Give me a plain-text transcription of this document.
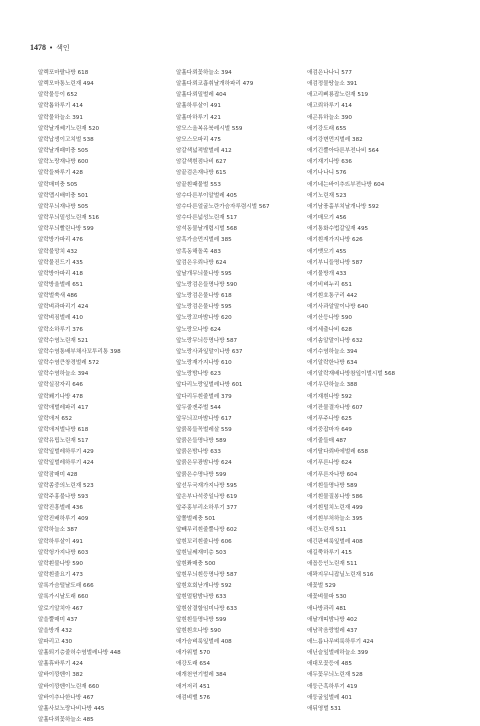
1478 • 색인
알렉포마랄나방 618
알렉모마통노린재 494
알락물등이 652
알락톱하루기 414
알락물하늘소 391
알락날개쎄기노린재 520
알락납생이고치벌 538
알락날개패미충 505
알락노랑재나방 600
알락들짜루기 428
알락매미충 505
알락맵시배미충 501
알락무늬재나방 505
알락무늬밑성노린재 516
알락무늬빨린나방 599
알락방가파리 476
알락불망치 432
알락물진드기 435
알락방아파리 418
알락방울벌레 651
알락벌쑥새 486
알락벼과파리기 424
알락벼짐벌레 410
알락소하루기 376
알락수염노린재 521
알락수염통배부채사꼬투리통 398
알락수염큰창경벌레 572
알락수염하늘소 394
알락실잠자리 646
알락쐐기나방 478
알락애벌레파리 417
알락애저 652
알락애저벌나방 618
알락유립노린재 517
알락잎벌레하루기 429
알락잎벌레하루기 424
알락잠매미 428
알락좀중의노린재 523
알락주홍불나방 593
알락진흥벌레 436
알락진배하루기 409
알락하늘소 387
알락하루살이 491
알락헝가지나방 603
알락횐불나방 590
알락흰줄요기 473
알록가슴털날도래 666
알록가시날도래 660
알로기알치아 467
알을뿔매미 437
알을방개 432
알파리고 430
알흘퇴기층줄허수염벌레나방 448
알흘휴바루기 424
알바이깡벤이 382
알바이깡벤이노린재 660
알바이추나한나방 467
알흘사보노랑나비나방 445
알흘다뢰꽃하늘소 485
알흘다뢰꽃하늘소 394
알흘다뢰코흡취날개하파리 479
알흘다뢰밀벌레 404
알흘하루살이 491
알흘마하루기 421
암모스올복유북레시벌 559
암모스모파리 475
암갈색넓적발벌레 412
암갈색흰점나비 627
암끝검은재나방 615
암끝흰때물벌 553
암수다른부이알벌레 405
암수다른얼굴노란가슴자루렴시벌 567
암수다른넓성노린재 517
암석동물날개렵시벌 568
암흑가슴먼지벌레 385
암흑동해돌족 483
앞검은우뢰나방 624
앞날개무늬물나방 595
앞노랑검은들명나방 590
앞노랑검은물나방 618
앞노랑검은물나방 595
앞노랑꼬마밤나방 620
앞노랑모나방 624
앞노랑무늬등명나방 587
앞노랑사과잎말이나방 637
앞노랑재가지나방 610
앞노랑밤나방 623
앞다리노랑잎벌레나방 601
앞다리두흰줄벌레 379
앞두줄겐주벌 544
앞무늬꼬마밤나방 617
앞붉폭들꼭벌레살 559
앞붉은들명나방 589
앞붉은밤나방 633
앞붉은무광밤나방 624
앞붉은수명나방 599
앞선두국재가지나방 595
앞은부나석중일나방 619
앞주홍부리소하루기 377
앞쫄벌레충 501
앞빼무리흰줄뿔나방 602
앞흰꼬리흰줄나방 606
앞흰닐쎄재미층 503
앞흰쫘매충 500
앞흰무늬흰등명나방 587
앞흰호회낟개나방 592
앞흰멀탐밤나방 633
앞흰삼결할임미나방 633
앞흰흰들명나방 599
앞흰흰흐나방 590
애가슴벼룩잎벌레 408
애가위벌 570
애강도래 654
애개천연기벌레 384
애거저리 451
애검벼밸 576
애검은나나니 577
애검정물땅늘소 391
애고리삐룡잡노린재 519
애고뢰하루기 414
애곤튜하늘소 390
애기강도래 655
애기강변먼지벌레 382
애기긴뿔아다른부전나비 564
애기재기나방 636
애기나나니 576
애기네는바이추뜨부전나방 604
애기노린재 523
애기남풍홀부치날개나방 592
애기매모기 456
애기통화수법갈잎재 495
애기흰재가지나방 626
애기뱃모기 455
애기부니들명나방 587
애기물방개 433
애기비벼누리 651
애기흰호통구리 442
애기사과알말이나방 640
애기산등나방 590
애기세출나비 628
애기솜알말이나방 632
애기수염하늘소 394
애기알락한나방 634
애기알락재배나방참잎이벌시벌 568
애기우단하늘소 388
애기재흰나방 592
애기잔물결자나방 607
애기푸주나방 625
애기중잡마자 649
애기줄들매 487
애기탈다뢰바에벌레 658
애기푸른나방 624
애기푸른자나방 604
애기흰들명나방 589
애기흰물질봉나방 586
애기흰털치노린재 499
애기흰부처하늘소 395
애긴노린재 511
애긴판벼룩잎벌레 408
애길쭉하루기 415
애꼽등인노린재 511
애꽉지무니잡닐노린재 516
애꽃벌 529
애꽃벼물파 530
애나방과리 481
애날개띠밤나방 402
애남작음랑벌레 437
애느릅나무벼룩하루기 424
애닌슬잎벌레하늘소 399
애대모꽃등에 485
애두꽃무늬노린재 528
애둥근흑하루기 419
애둥굴잎벌레 401
애뒤영벌 531
